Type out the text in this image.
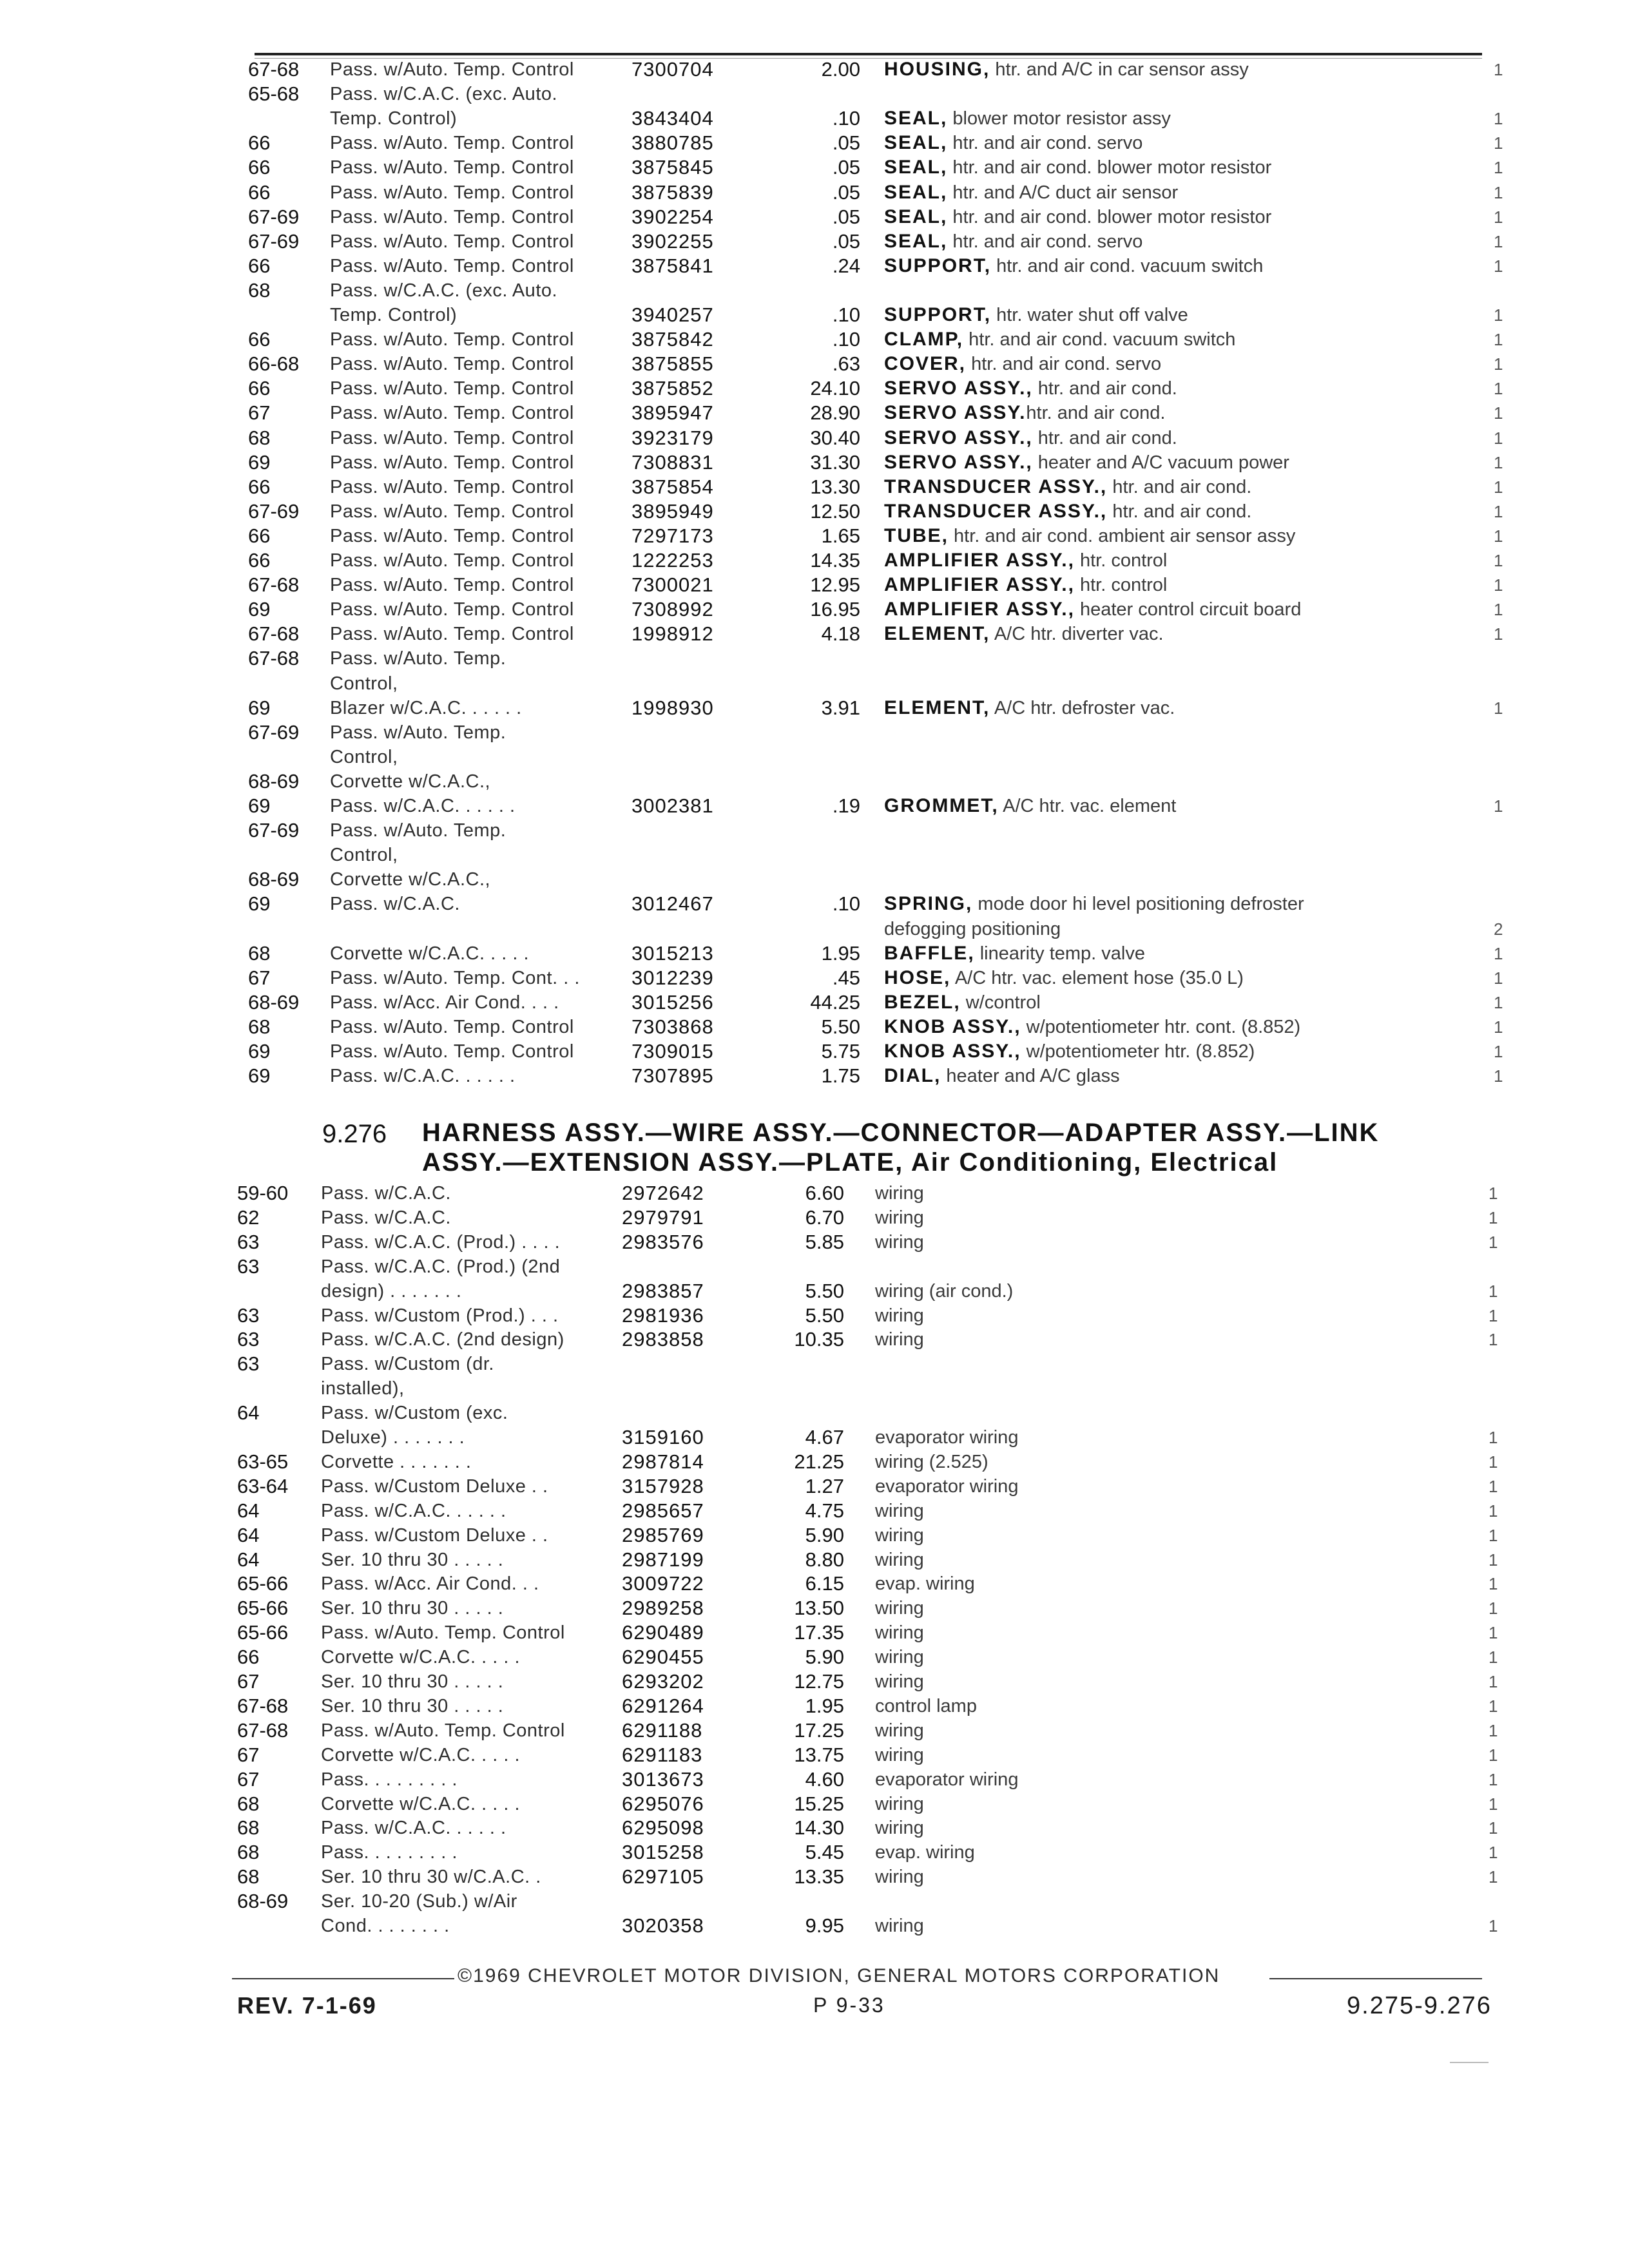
67-68 Pass. w/Auto. Temp. Control	7300704	2.00 HOUSING, htr. and A/C in car sensor assy	1
65-68 Pass. w/C.A.C. (exc. Auto.
Temp. Control)	3843404	.10 SEAL, blower motor resistor assy	1
66	Pass. w/Auto. Temp. Control	3880785	.05 SEAL, htr. and air cond. servo	1
66	Pass. w/Auto. Temp. Control	3875845	.05 SEAL, htr. and air cond. blower motor resistor	1
66	Pass. w/Auto. Temp. Control	3875839	.05 SEAL, htr. and A/C duct air sensor	1
67-69 Pass. w/Auto. Temp. Control	3902254	.05 SEAL, htr. and air cond. blower motor resistor	1
67-69 Pass. w/Auto. Temp. Control	3902255	.05 SEAL, htr. and air cond. servo	1
66	Pass. w/Auto. Temp. Control	3875841	.24 SUPPORT, htr. and air cond. vacuum switch	1
68	Pass. w/C.A.C. (exc. Auto.
Temp. Control)	3940257	.10 SUPPORT, htr. water shut off valve	1
66	Pass. w/Auto. Temp. Control	3875842	.10 CLAMP, htr. and air cond. vacuum switch	1
66-68 Pass. w/Auto. Temp. Control	3875855	.63 COVER, htr. and air cond. servo	1
66	Pass. w/Auto. Temp. Control	3875852	24.10 SERVO ASSY., htr. and air cond.	1
67	Pass. w/Auto. Temp. Control	3895947	28.90 SERVO ASSY.htr. and air cond.	1
68	Pass. w/Auto. Temp. Control	3923179	30.40 SERVO ASSY., htr. and air cond.	1
69	Pass. w/Auto. Temp. Control	7308831	31.30 SERVO ASSY., heater and A/C vacuum power	1
66	Pass. w/Auto. Temp. Control	3875854	13.30 TRANSDUCER ASSY., htr. and air cond.	1
67-69 Pass. w/Auto. Temp. Control	3895949	12.50 TRANSDUCER ASSY., htr. and air cond.	1
66	Pass. w/Auto. Temp. Control	7297173	1.65 TUBE, htr. and air cond. ambient air sensor assy	1
66	Pass. w/Auto. Temp. Control	1222253	14.35 AMPLIFIER ASSY., htr. control	1
67-68 Pass. w/Auto. Temp. Control	7300021	12.95 AMPLIFIER ASSY., htr. control	1
69	Pass. w/Auto. Temp. Control	7308992	16.95 AMPLIFIER ASSY., heater control circuit board	1
67-68 Pass. w/Auto. Temp. Control	1998912	4.18 ELEMENT, A/C htr. diverter vac.	1
67-68 Pass. w/Auto. Temp.
Control,
69	Blazer w/C.A.C. . . . . .	1998930	3.91 ELEMENT, A/C htr. defroster vac.	1
67-69 Pass. w/Auto. Temp.
Control,
68-69 Corvette w/C.A.C.,
69	Pass. w/C.A.C. . . . . .	3002381	.19 GROMMET, A/C htr. vac. element	1
67-69 Pass. w/Auto. Temp.
Control,
68-69 Corvette w/C.A.C.,
69	Pass. w/C.A.C.	3012467	.10 SPRING, mode door hi level positioning defroster
defogging positioning	2
68	Corvette w/C.A.C. . . . .	3015213	1.95 BAFFLE, linearity temp. valve	1
67	Pass. w/Auto. Temp. Cont. . .	3012239	.45 HOSE, A/C htr. vac. element hose (35.0 L)	1
68-69 Pass. w/Acc. Air Cond. . . .	3015256	44.25 BEZEL, w/control	1
68	Pass. w/Auto. Temp. Control	7303868	5.50 KNOB ASSY., w/potentiometer htr. cont. (8.852)	1
69	Pass. w/Auto. Temp. Control	7309015	5.75 KNOB ASSY., w/potentiometer htr. (8.852)	1
69	Pass. w/C.A.C. . . . . .	7307895	1.75 DIAL, heater and A/C glass	1
9.276 HARNESS ASSY.—WIRE ASSY.—CONNECTOR—ADAPTER ASSY.—LINK
ASSY.—EXTENSION ASSY.—PLATE, Air Conditioning, Electrical
59-60 Pass. w/C.A.C.	2972642	6.60 wiring	1
62	Pass. w/C.A.C.	2979791	6.70 wiring	1
63	Pass. w/C.A.C. (Prod.) . . . .	2983576	5.85 wiring	1
63	Pass. w/C.A.C. (Prod.) (2nd
design) . . . . . . .	2983857	5.50 wiring (air cond.)	1
63	Pass. w/Custom (Prod.) . . .	2981936	5.50 wiring	1
63	Pass. w/C.A.C. (2nd design)	2983858	10.35 wiring	1
63	Pass. w/Custom (dr.
installed),
64	Pass. w/Custom (exc.
Deluxe) . . . . . . .	3159160	4.67 evaporator wiring	1
63-65 Corvette . . . . . . .	2987814	21.25 wiring (2.525)	1
63-64 Pass. w/Custom Deluxe . .	3157928	1.27 evaporator wiring	1
64	Pass. w/C.A.C. . . . . .	2985657	4.75 wiring	1
64	Pass. w/Custom Deluxe . .	2985769	5.90 wiring	1
64	Ser. 10 thru 30 . . . . .	2987199	8.80 wiring	1
65-66 Pass. w/Acc. Air Cond. . .	3009722	6.15 evap. wiring	1
65-66 Ser. 10 thru 30 . . . . .	2989258	13.50 wiring	1
65-66 Pass. w/Auto. Temp. Control	6290489	17.35 wiring	1
66	Corvette w/C.A.C. . . . .	6290455	5.90 wiring	1
67	Ser. 10 thru 30 . . . . .	6293202	12.75 wiring	1
67-68 Ser. 10 thru 30 . . . . .	6291264	1.95 control lamp	1
67-68 Pass. w/Auto. Temp. Control	6291188	17.25 wiring	1
67	Corvette w/C.A.C. . . . .	6291183	13.75 wiring	1
67	Pass. . . . . . . . .	3013673	4.60 evaporator wiring	1
68	Corvette w/C.A.C. . . . .	6295076	15.25 wiring	1
68	Pass. w/C.A.C. . . . . .	6295098	14.30 wiring	1
68	Pass. . . . . . . . .	3015258	5.45 evap. wiring	1
68	Ser. 10 thru 30 w/C.A.C. .	6297105	13.35 wiring	1
68-69 Ser. 10-20 (Sub.) w/Air
Cond. . . . . . . .	3020358	9.95 wiring	1
©1969 CHEVROLET MOTOR DIVISION, GENERAL MOTORS CORPORATION
REV. 7-1-69	P 9-33	9.275-9.276
